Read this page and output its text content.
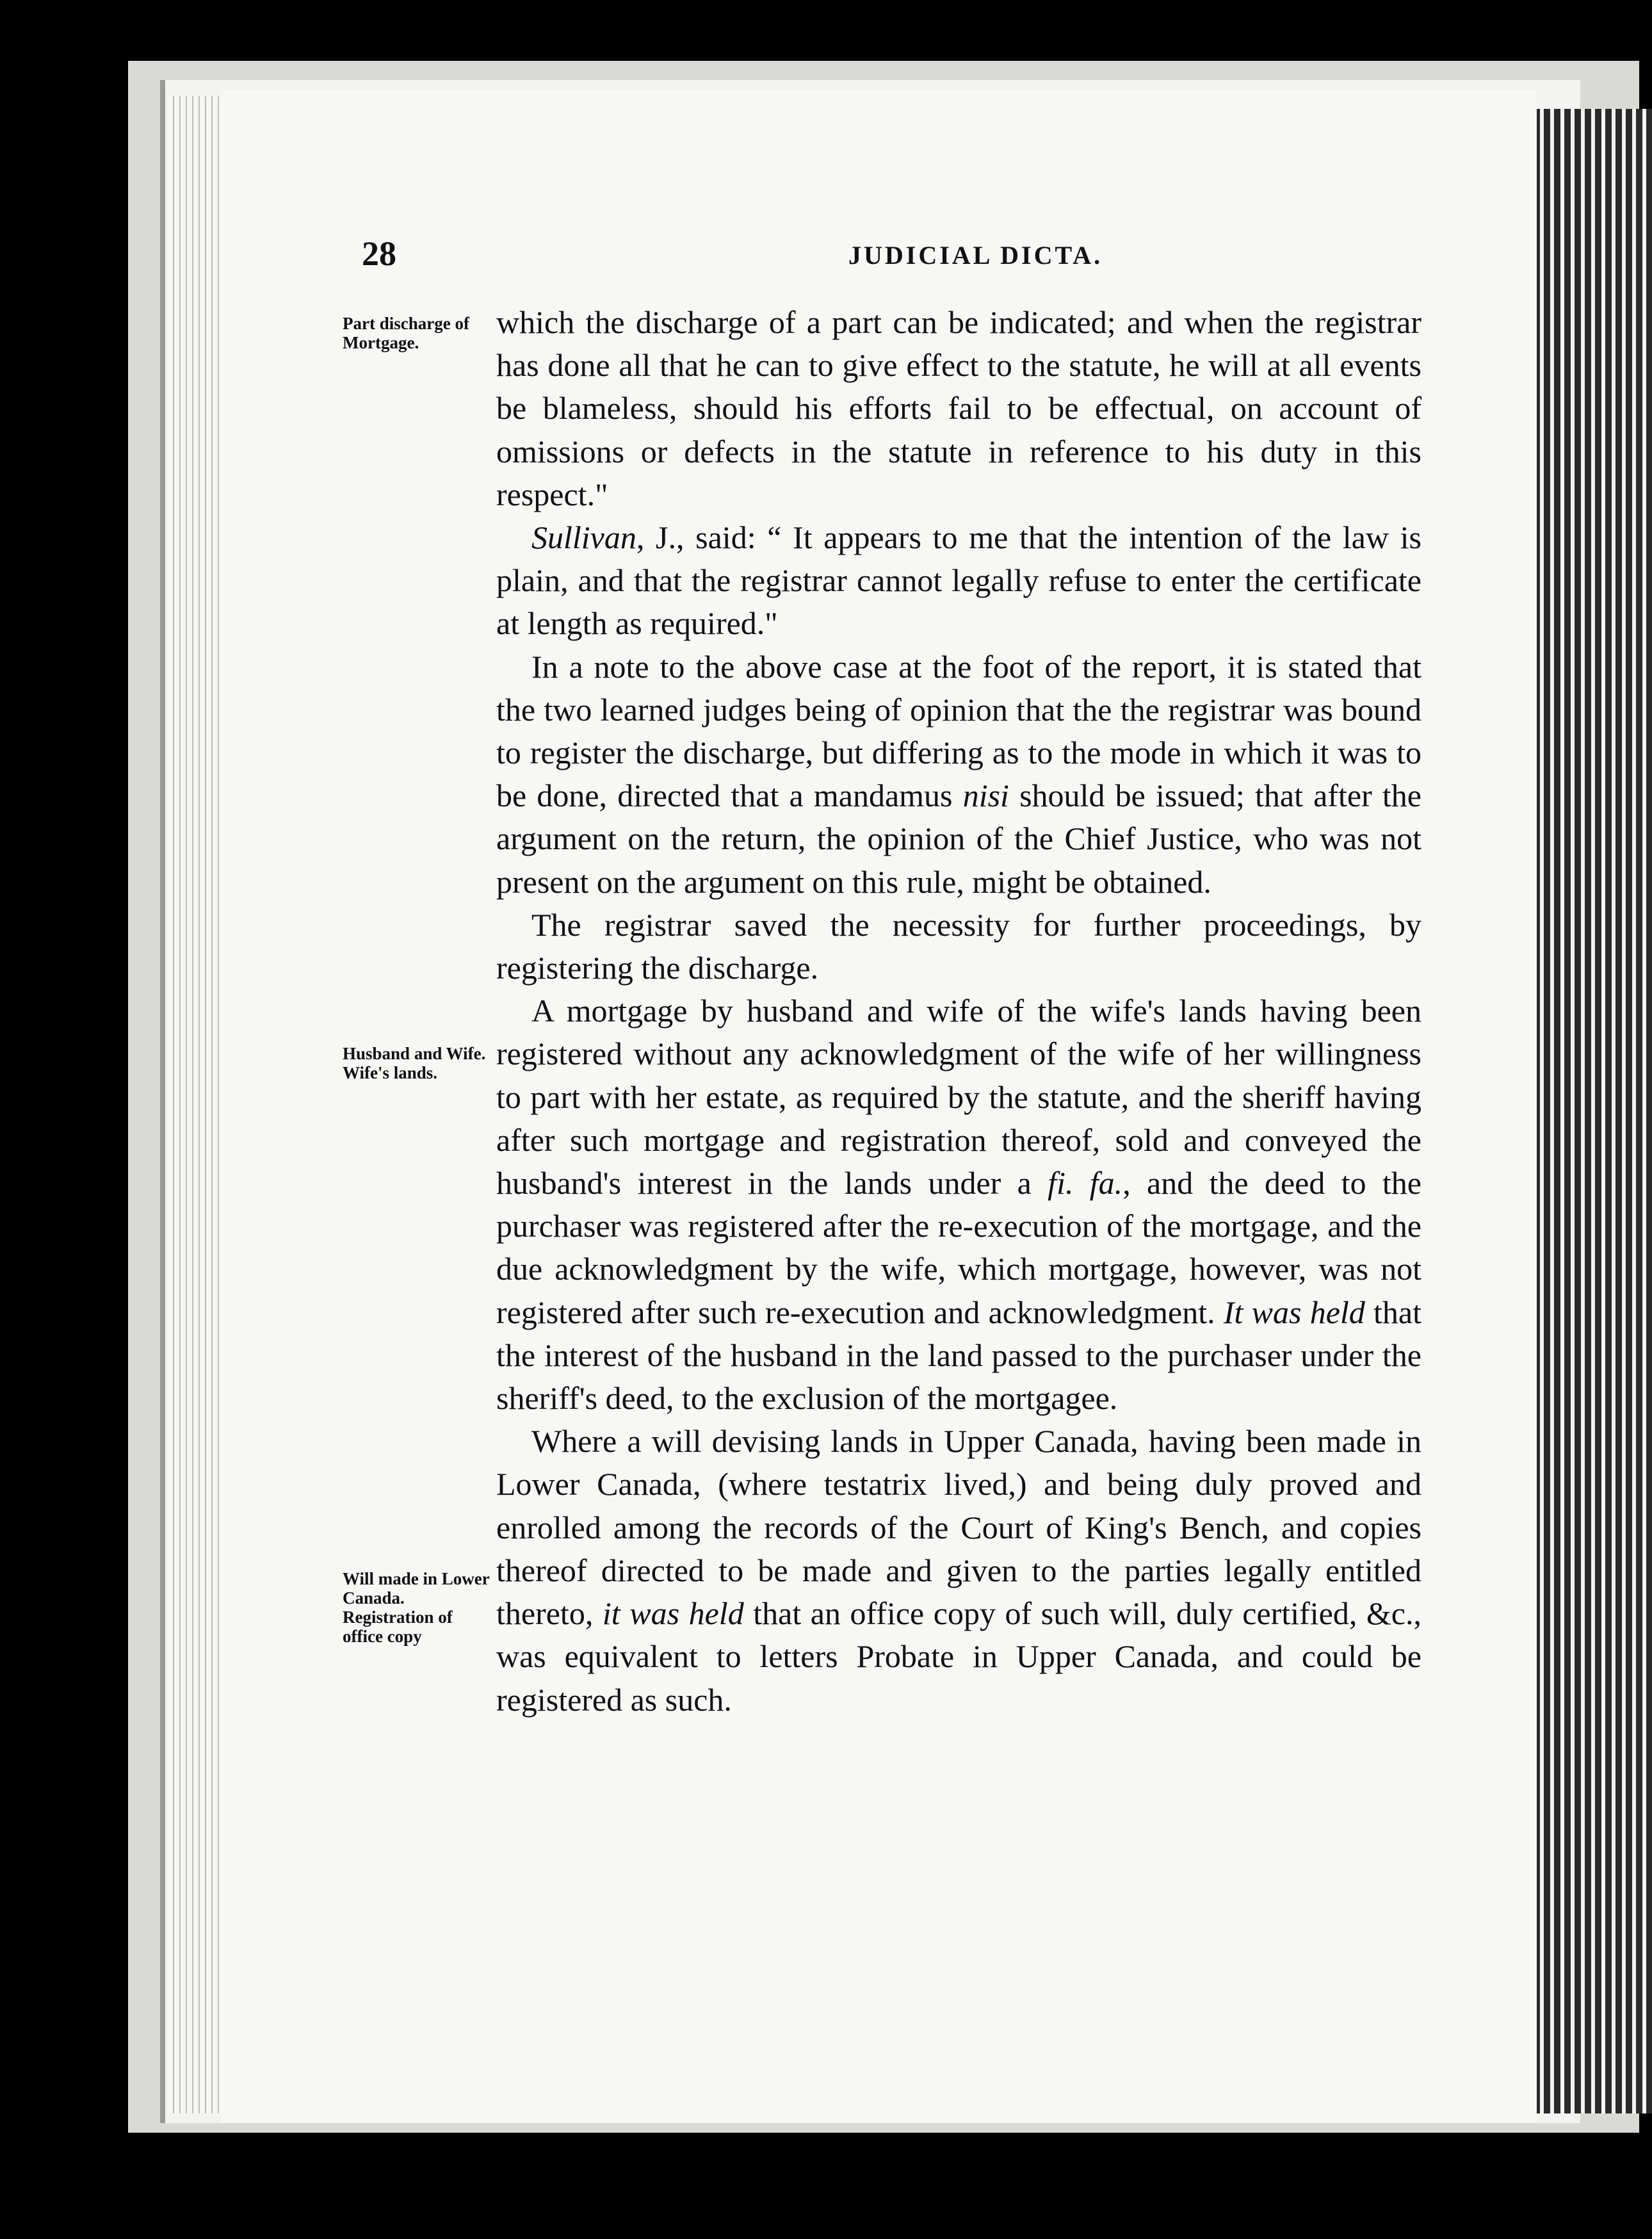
28	JUDICIAL DICTA.
Part discharge of Mortgage.
Husband and Wife. Wife's lands.
Will made in Lower Canada. Registration of office copy

which the discharge of a part can be indicated; and when the registrar has done all that he can to give effect to the statute, he will at all events be blameless, should his efforts fail to be effectual, on account of omissions or defects in the statute in reference to his duty in this respect."

Sullivan, J., said: “ It appears to me that the intention of the law is plain, and that the registrar cannot legally refuse to enter the certificate at length as required."

In a note to the above case at the foot of the report, it is stated that the two learned judges being of opinion that the the registrar was bound to register the discharge, but differing as to the mode in which it was to be done, directed that a mandamus nisi should be issued; that after the argument on the return, the opinion of the Chief Justice, who was not present on the argument on this rule, might be obtained.

The registrar saved the necessity for further proceedings, by registering the discharge.

A mortgage by husband and wife of the wife's lands having been registered without any acknowledgment of the wife of her willingness to part with her estate, as required by the statute, and the sheriff having after such mortgage and registration thereof, sold and conveyed the husband's interest in the lands under a fi. fa., and the deed to the purchaser was registered after the re-execution of the mortgage, and the due acknowledgment by the wife, which mortgage, however, was not registered after such re-execution and acknowledgment. It was held that the interest of the husband in the land passed to the purchaser under the sheriff's deed, to the exclusion of the mortgagee.

Where a will devising lands in Upper Canada, having been made in Lower Canada, (where testatrix lived,) and being duly proved and enrolled among the records of the Court of King's Bench, and copies thereof directed to be made and given to the parties legally entitled thereto, it was held that an office copy of such will, duly certified, &c., was equivalent to letters Probate in Upper Canada, and could be registered as such.
